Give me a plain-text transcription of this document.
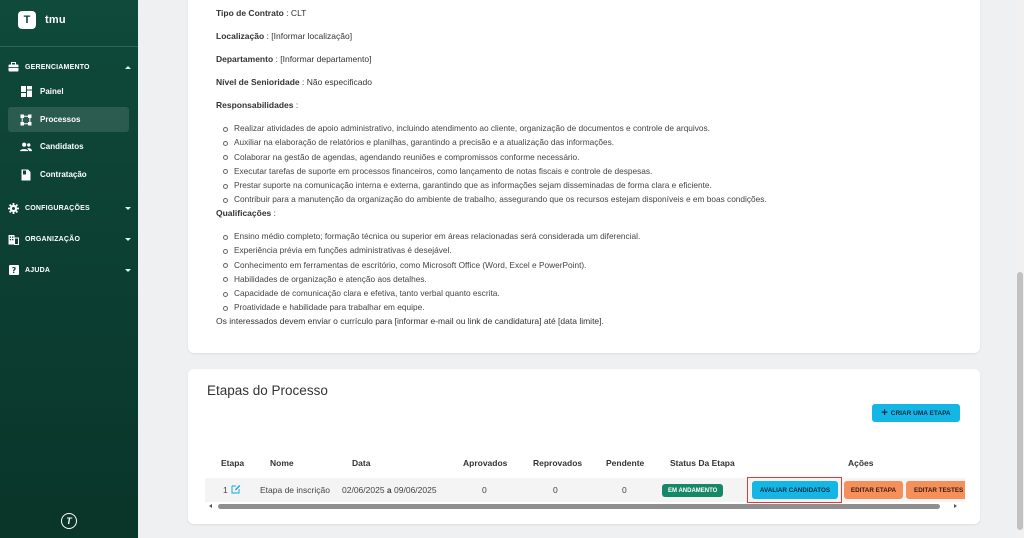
T	tmu
GERENCIAMENTO
Painel
Processos
Candidatos
Contratação
CONFIGURAÇÕES
ORGANIZAÇÃO
? AJUDA
T
Tipo de Contrato : CLT
Localização : [Informar localização]
Departamento : [Informar departamento]
Nível de Senioridade : Não especificado
Responsabilidades :
Realizar atividades de apoio administrativo, incluindo atendimento ao cliente, organização de documentos e controle de arquivos.
Auxiliar na elaboração de relatórios e planilhas, garantindo a precisão e a atualização das informações.
Colaborar na gestão de agendas, agendando reuniões e compromissos conforme necessário.
Executar tarefas de suporte em processos financeiros, como lançamento de notas fiscais e controle de despesas.
Prestar suporte na comunicação interna e externa, garantindo que as informações sejam disseminadas de forma clara e eficiente.
Contribuir para a manutenção da organização do ambiente de trabalho, assegurando que os recursos estejam disponíveis e em boas condições.
Qualificações :
Ensino médio completo; formação técnica ou superior em áreas relacionadas será considerada um diferencial.
Experiência prévia em funções administrativas é desejável.
Conhecimento em ferramentas de escritório, como Microsoft Office (Word, Excel e PowerPoint).
Habilidades de organização e atenção aos detalhes.
Capacidade de comunicação clara e efetiva, tanto verbal quanto escrita.
Proatividade e habilidade para trabalhar em equipe.
Os interessados devem enviar o currículo para [informar e-mail ou link de candidatura] até [data limite].
Etapas do Processo
+ CRIAR UMA ETAPA
Etapa	Nome	Data	Aprovados	Reprovados	Pendente	Status Da Etapa	Ações
1	Etapa de inscrição 02/06/2025 a 09/06/2025	0	0	0	EM ANDAMENTO	AVALIAR CANDIDATOS	EDITAR ETAPA	EDITAR TESTES
